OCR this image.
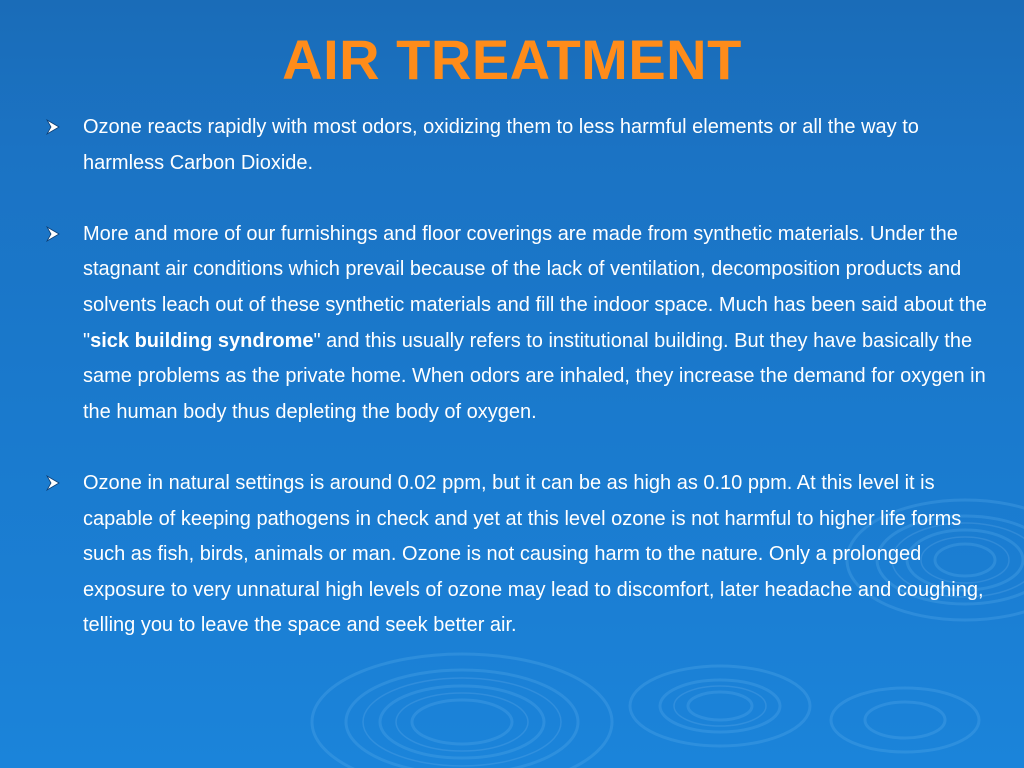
AIR TREATMENT
Ozone reacts rapidly with most odors, oxidizing them to less harmful elements or all the way to harmless Carbon Dioxide.
More and more of our furnishings and floor coverings are made from synthetic materials. Under the stagnant air conditions which prevail because of the lack of ventilation, decomposition products and solvents leach out of these synthetic materials and fill the indoor space. Much has been said about the "sick building syndrome" and this usually refers to institutional building. But they have basically the same problems as the private home. When odors are inhaled, they increase the demand for oxygen in the human body thus depleting the body of oxygen.
Ozone in natural settings is around 0.02 ppm, but it can be as high as 0.10 ppm. At this level it is capable of keeping pathogens in check and yet at this level ozone is not harmful to higher life forms such as fish, birds, animals or man. Ozone is not causing harm to the nature. Only a prolonged exposure to very unnatural high levels of ozone may lead to discomfort, later headache and coughing, telling you to leave the space and seek better air.
